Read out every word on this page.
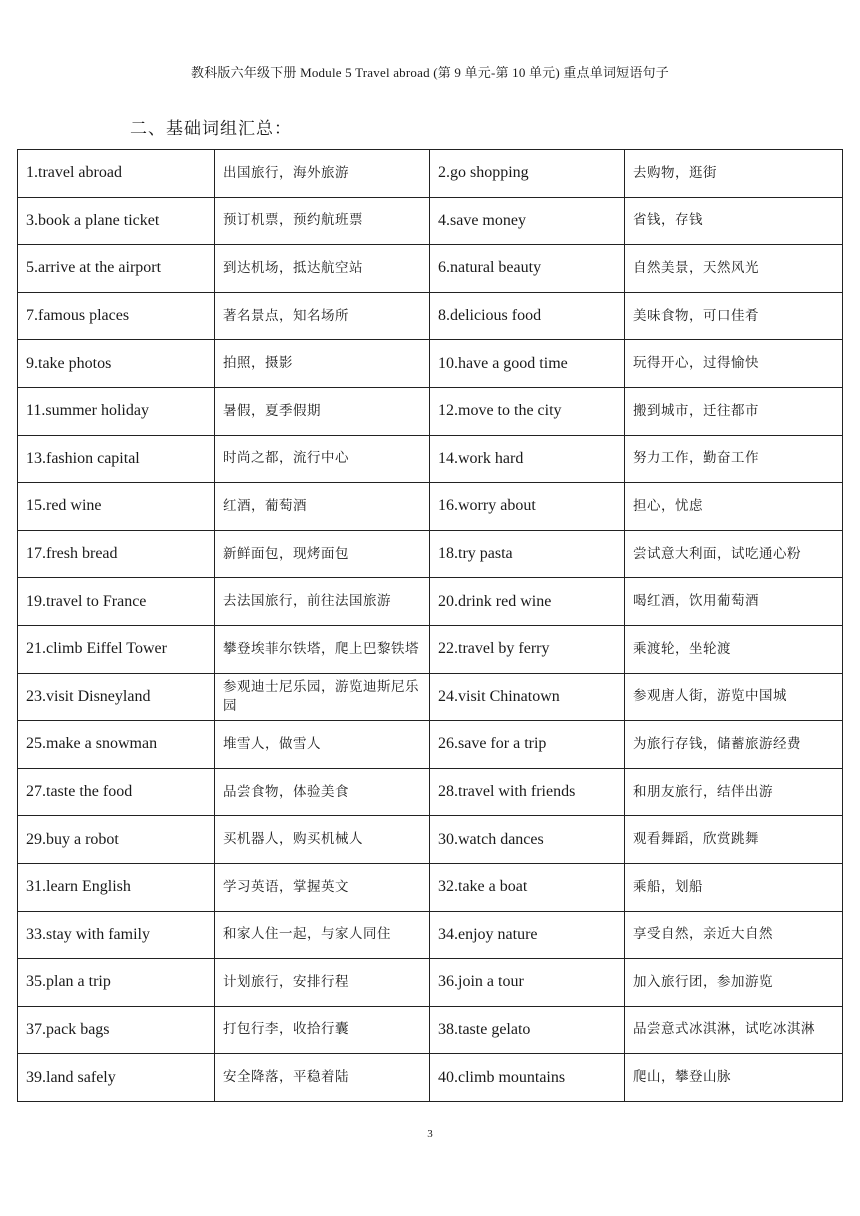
教科版六年级下册 Module 5 Travel abroad (第 9 单元-第 10 单元) 重点单词短语句子
二、基础词组汇总：
1.travel abroad	出国旅行，海外旅游	2.go shopping	去购物，逛街
3.book a plane ticket	预订机票，预约航班票	4.save money	省钱，存钱
5.arrive at the airport	到达机场，抵达航空站	6.natural beauty	自然美景，天然风光
7.famous places	著名景点，知名场所	8.delicious food	美味食物，可口佳肴
9.take photos	拍照，摄影	10.have a good time	玩得开心，过得愉快
11.summer holiday	暑假，夏季假期	12.move to the city	搬到城市，迁往都市
13.fashion capital	时尚之都，流行中心	14.work hard	努力工作，勤奋工作
15.red wine	红酒，葡萄酒	16.worry about	担心，忧虑
17.fresh bread	新鲜面包，现烤面包	18.try pasta	尝试意大利面，试吃通心粉
19.travel to France	去法国旅行，前往法国旅游	20.drink red wine	喝红酒，饮用葡萄酒
21.climb Eiffel Tower	攀登埃菲尔铁塔，爬上巴黎铁塔	22.travel by ferry	乘渡轮，坐轮渡
23.visit Disneyland	参观迪士尼乐园，游览迪斯尼乐园	24.visit Chinatown	参观唐人街，游览中国城
25.make a snowman	堆雪人，做雪人	26.save for a trip	为旅行存钱，储蓄旅游经费
27.taste the food	品尝食物，体验美食	28.travel with friends	和朋友旅行，结伴出游
29.buy a robot	买机器人，购买机械人	30.watch dances	观看舞蹈，欣赏跳舞
31.learn English	学习英语，掌握英文	32.take a boat	乘船，划船
33.stay with family	和家人住一起，与家人同住	34.enjoy nature	享受自然，亲近大自然
35.plan a trip	计划旅行，安排行程	36.join a tour	加入旅行团，参加游览
37.pack bags	打包行李，收拾行囊	38.taste gelato	品尝意式冰淇淋，试吃冰淇淋
39.land safely	安全降落，平稳着陆	40.climb mountains	爬山，攀登山脉
3
